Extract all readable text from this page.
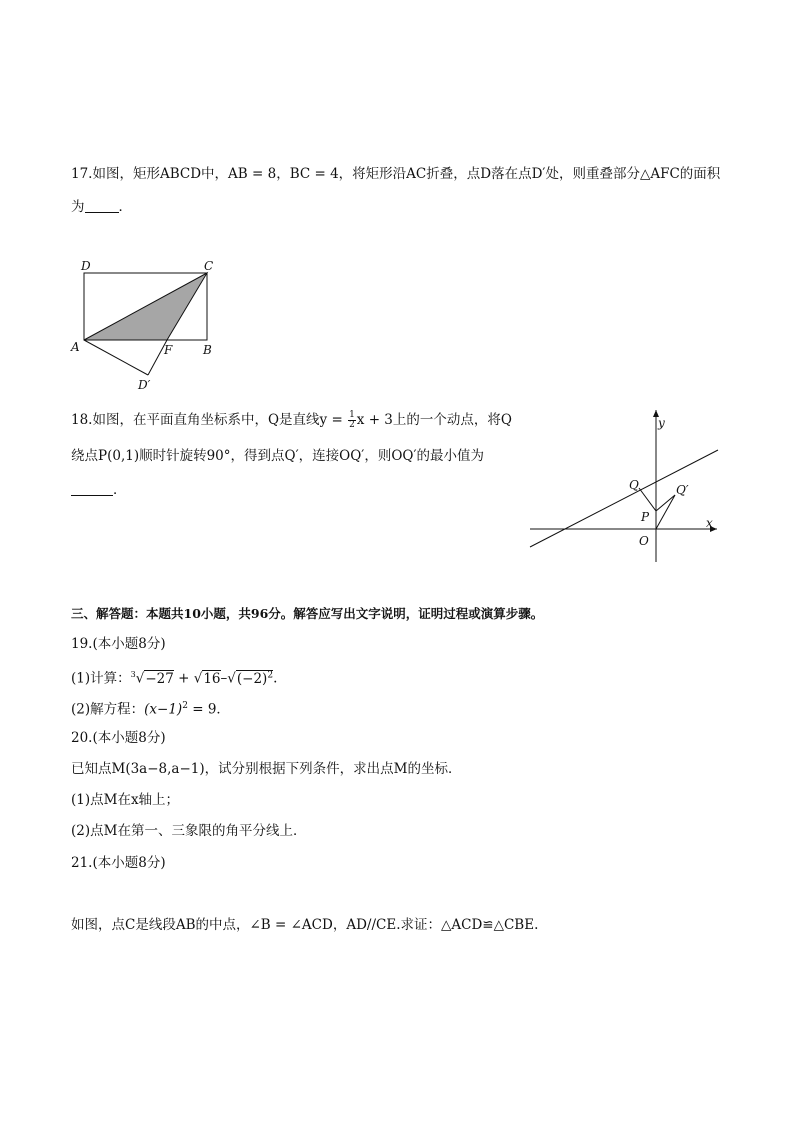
17.如图，矩形ABCD中，AB = 8，BC = 4，将矩形沿AC折叠，点D落在点D′处，则重叠部分△AFC的面积
为	．
D	C
A	F	B
D′
18.如图，在平面直角坐标系中，Q是直线$y = \frac{1}{2}$ x + 3上的一个动点，将Q
绕点P(0,1)顺时针旋转90°，得到点Q′，连接OQ′，则OQ′的最小值为
．
y
x
Q	Q′
P
O
三、解答题：本题共10小题，共96分。解答应写出文字说明，证明过程或演算步骤。
19.(本小题8分)
(1)计算：$^3√-27 + √16-√(-2)^2$.
(2)解方程：$(x-1)^2 = 9$．
20.(本小题8分)
已知点M(3a−8,a−1)，试分别根据下列条件，求出点M的坐标．
(1)点M在x轴上；
(2)点M在第一、三象限的角平分线上．
21.(本小题8分)
如图，点C是线段AB的中点，∠B = ∠ACD，AD//CE.求证：△ACD≌△CBE.
